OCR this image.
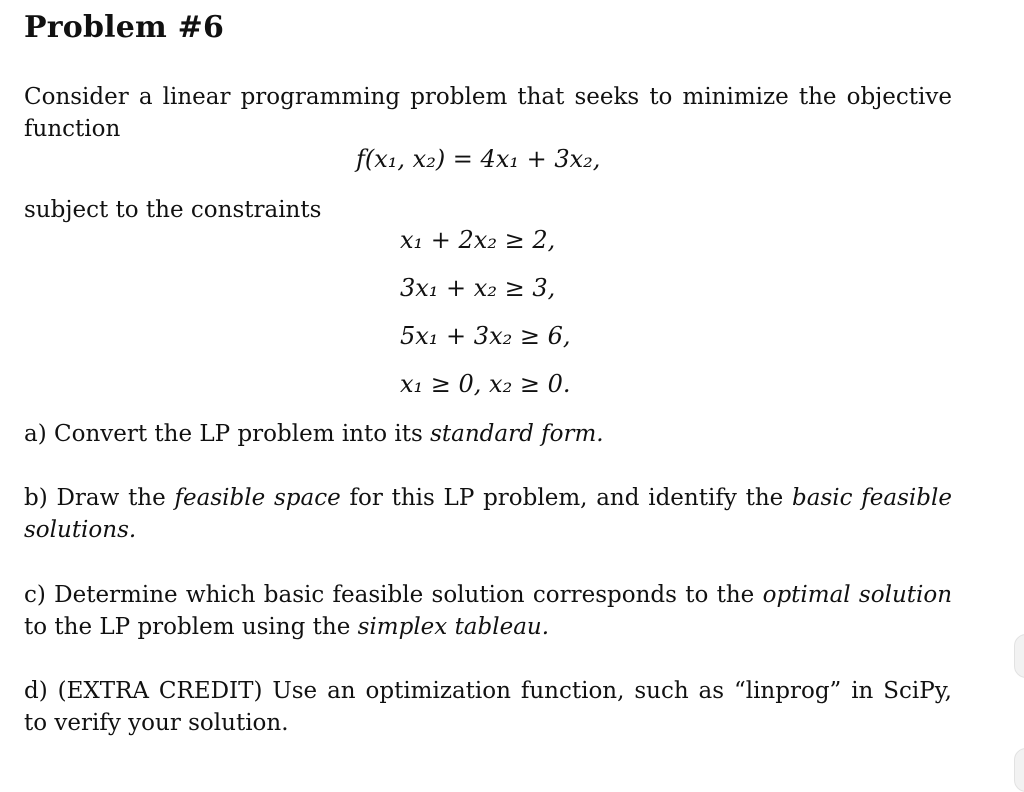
Problem #6
Consider a linear programming problem that seeks to minimize the objective function
f(x₁, x₂) = 4x₁ + 3x₂,
subject to the constraints
x₁ + 2x₂ ≥ 2,
3x₁ + x₂ ≥ 3,
5x₁ + 3x₂ ≥ 6,
x₁ ≥ 0, x₂ ≥ 0.
a) Convert the LP problem into its standard form.
b) Draw the feasible space for this LP problem, and identify the basic feasible solutions.
c) Determine which basic feasible solution corresponds to the optimal solution to the LP problem using the simplex tableau.
d) (EXTRA CREDIT) Use an optimization function, such as “linprog” in SciPy, to verify your solution.
